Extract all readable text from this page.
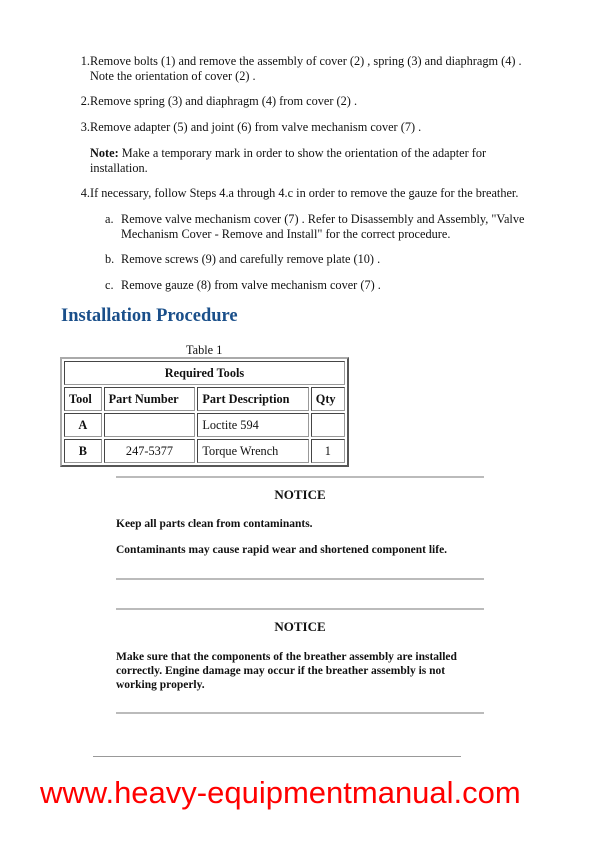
1. Remove bolts (1) and remove the assembly of cover (2) , spring (3) and diaphragm (4) . Note the orientation of cover (2) .
2. Remove spring (3) and diaphragm (4) from cover (2) .
3. Remove adapter (5) and joint (6) from valve mechanism cover (7) .
Note: Make a temporary mark in order to show the orientation of the adapter for installation.
4. If necessary, follow Steps 4.a through 4.c in order to remove the gauze for the breather.
a. Remove valve mechanism cover (7) . Refer to Disassembly and Assembly, "Valve Mechanism Cover - Remove and Install" for the correct procedure.
b. Remove screws (9) and carefully remove plate (10) .
c. Remove gauze (8) from valve mechanism cover (7) .
Installation Procedure
Table 1
Required Tools			
Tool	Part Number	Part Description	Qty
A		Loctite 594	
B	247-5377	Torque Wrench	1
NOTICE
Keep all parts clean from contaminants.
Contaminants may cause rapid wear and shortened component life.
NOTICE
Make sure that the components of the breather assembly are installed correctly. Engine damage may occur if the breather assembly is not working properly.
www.heavy-equipmentmanual.com
